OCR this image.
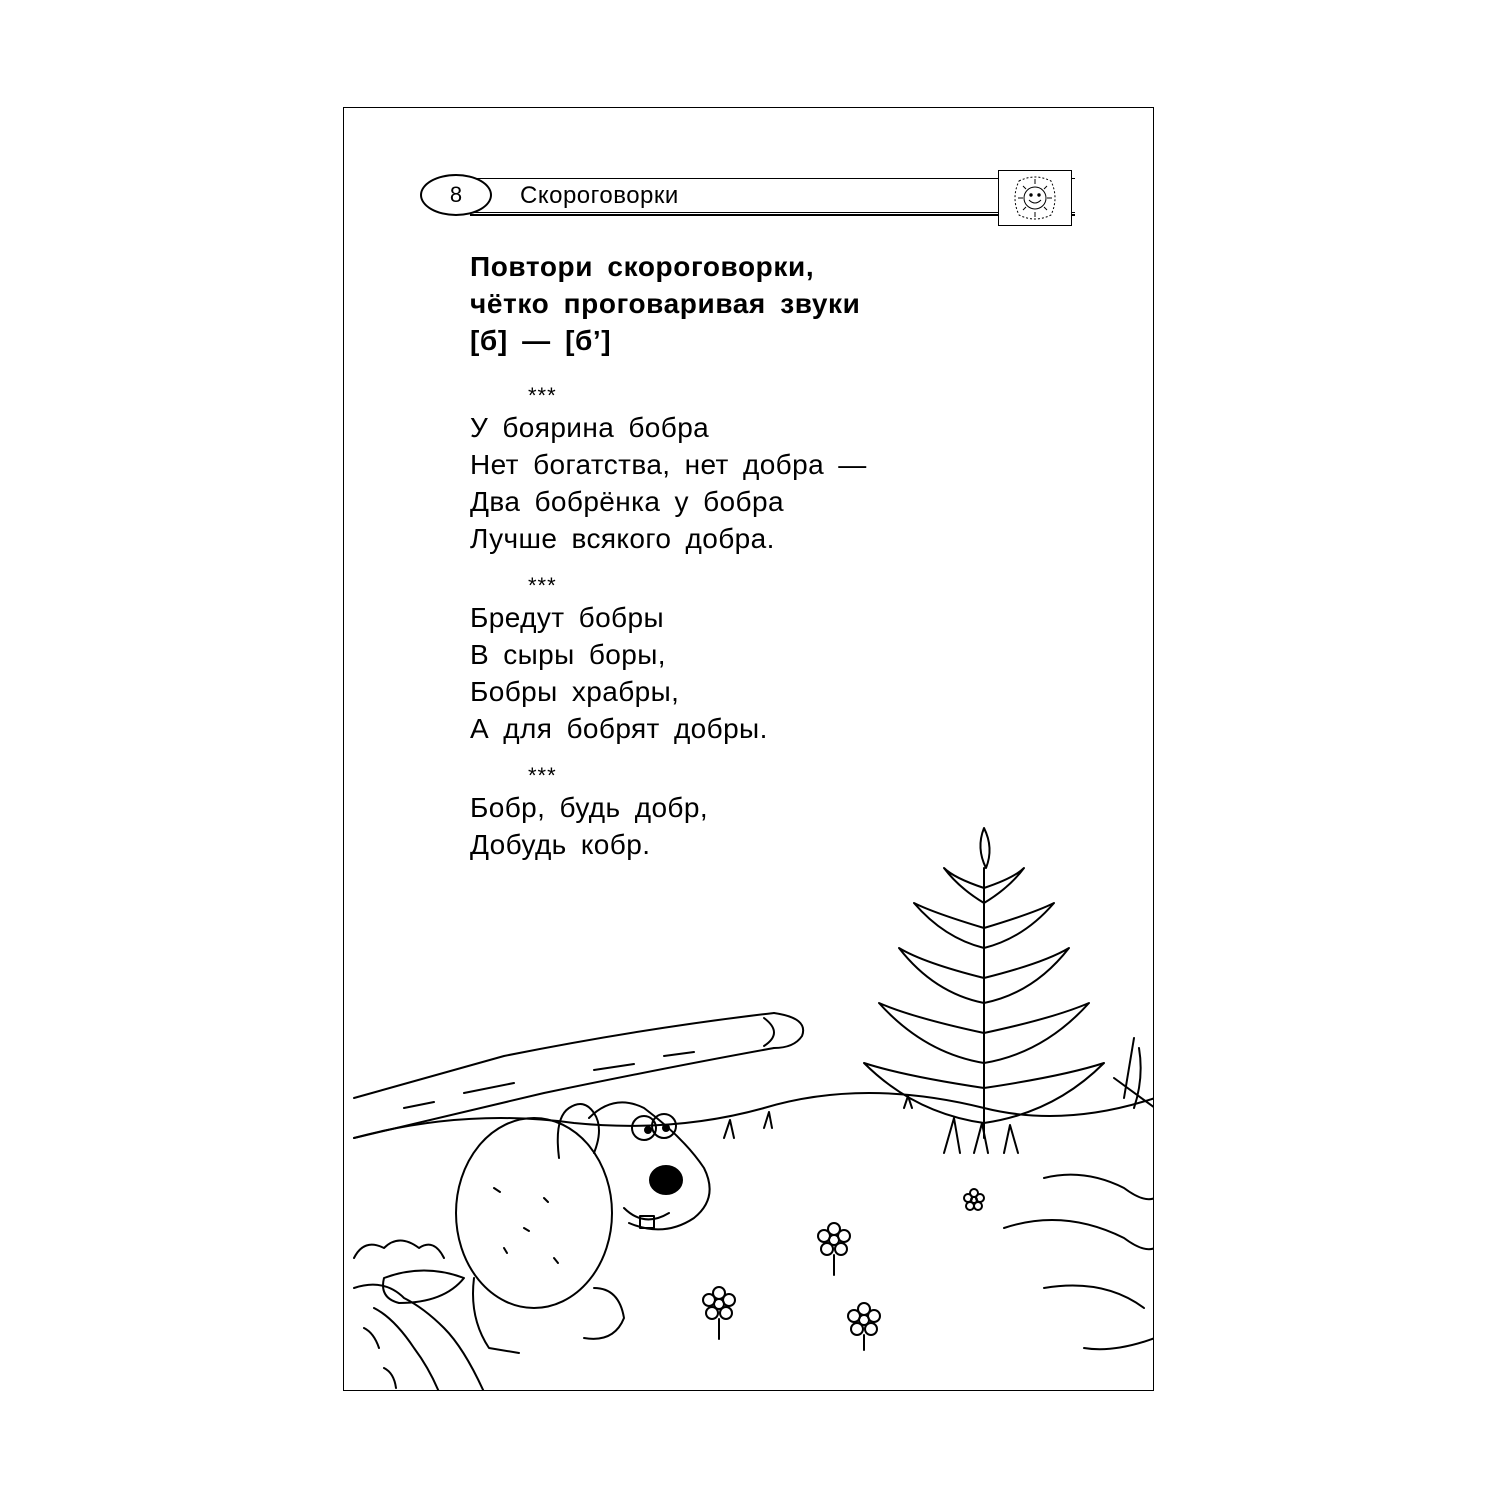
8	Скороговорки
Повтори скороговорки,
чётко проговаривая звуки
[б] — [б’]
***
У боярина бобра
Нет богатства, нет добра —
Два бобрёнка у бобра
Лучше всякого добра.
***
Бредут бобры
В сыры боры,
Бобры храбры,
А для бобрят добры.
***
Бобр, будь добр,
Добудь кобр.
